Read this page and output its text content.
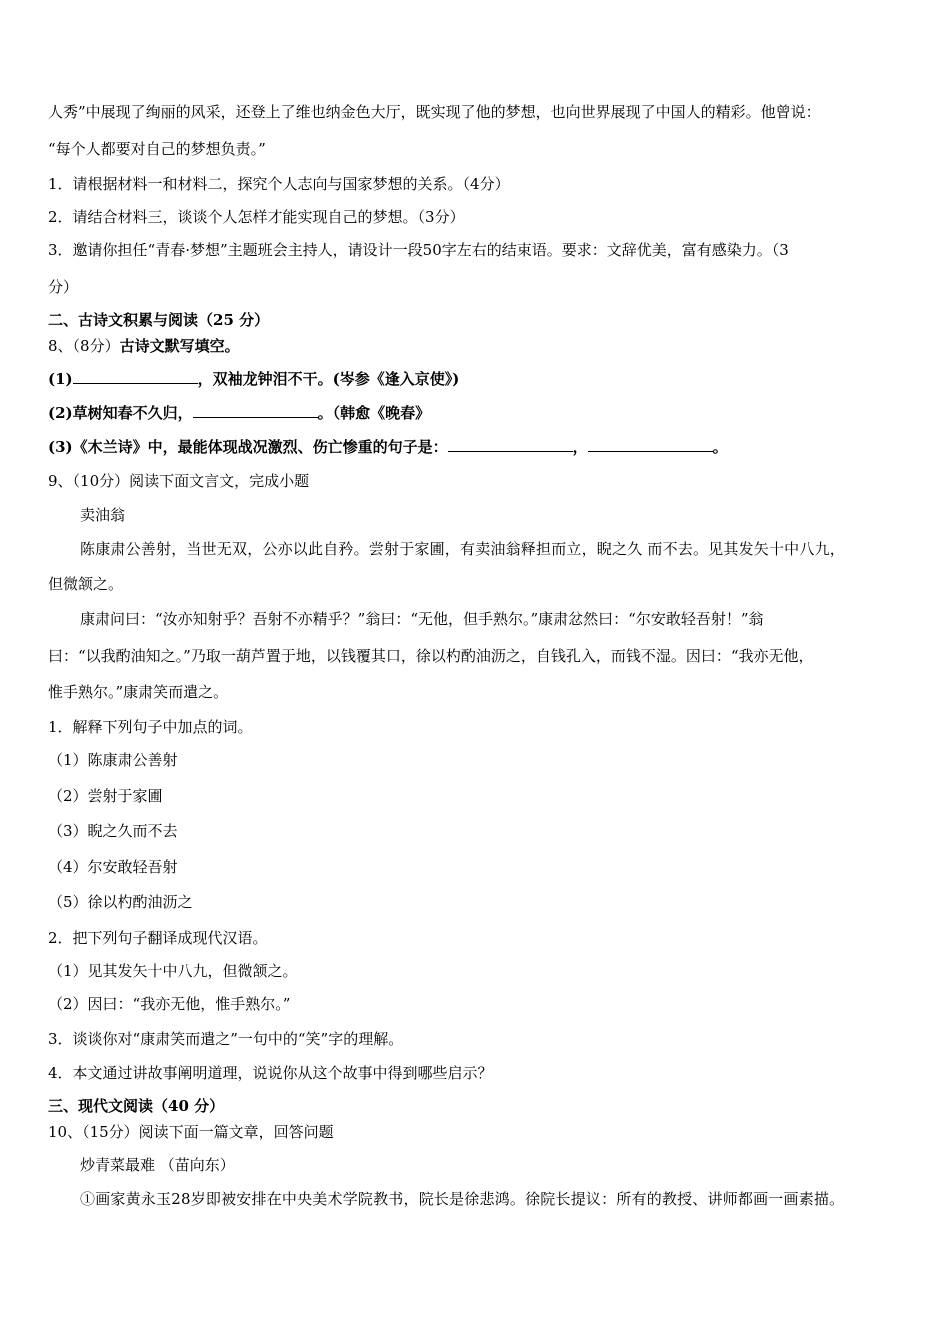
人秀”中展现了绚丽的风采，还登上了维也纳金色大厅，既实现了他的梦想，也向世界展现了中国人的精彩。他曾说：
“每个人都要对自己的梦想负责。”
1．请根据材料一和材料二，探究个人志向与国家梦想的关系。（4分）
2．请结合材料三，谈谈个人怎样才能实现自己的梦想。（3分）
3．邀请你担任“青春·梦想”主题班会主持人，请设计一段50字左右的结束语。要求：文辞优美，富有感染力。（3
分）
二、古诗文积累与阅读（25 分）
8、（8分）古诗文默写填空。
(1)	，双袖龙钟泪不干。(岑参《逢入京使》)
(2)草树知春不久归，	。（韩愈《晚春》
(3)《木兰诗》中，最能体现战况激烈、伤亡惨重的句子是：	，	。
9、（10分）阅读下面文言文，完成小题
卖油翁
陈康肃公善射，当世无双，公亦以此自矜。尝射于家圃，有卖油翁释担而立，睨之久 而不去。见其发矢十中八九，
但微颔之。
康肃问曰：“汝亦知射乎？吾射不亦精乎？”翁曰：“无他，但手熟尔。”康肃忿然曰：“尔安敢轻吾射！”翁
曰：“以我酌油知之。”乃取一葫芦置于地，以钱覆其口，徐以杓酌油沥之，自钱孔入，而钱不湿。因曰：“我亦无他，
惟手熟尔。”康肃笑而遣之。
1．解释下列句子中加点的词。
（1）陈康肃公善射
（2）尝射于家圃
（3）睨之久而不去
（4）尔安敢轻吾射
（5）徐以杓酌油沥之
2．把下列句子翻译成现代汉语。
（1）见其发矢十中八九，但微颔之。
（2）因曰：“我亦无他，惟手熟尔。”
3．谈谈你对“康肃笑而遣之”一句中的“笑”字的理解。
4．本文通过讲故事阐明道理，说说你从这个故事中得到哪些启示？
三、现代文阅读（40 分）
10、（15分）阅读下面一篇文章，回答问题
炒青菜最难 （苗向东）
①画家黄永玉28岁即被安排在中央美术学院教书，院长是徐悲鸿。徐院长提议：所有的教授、讲师都画一画素描。
